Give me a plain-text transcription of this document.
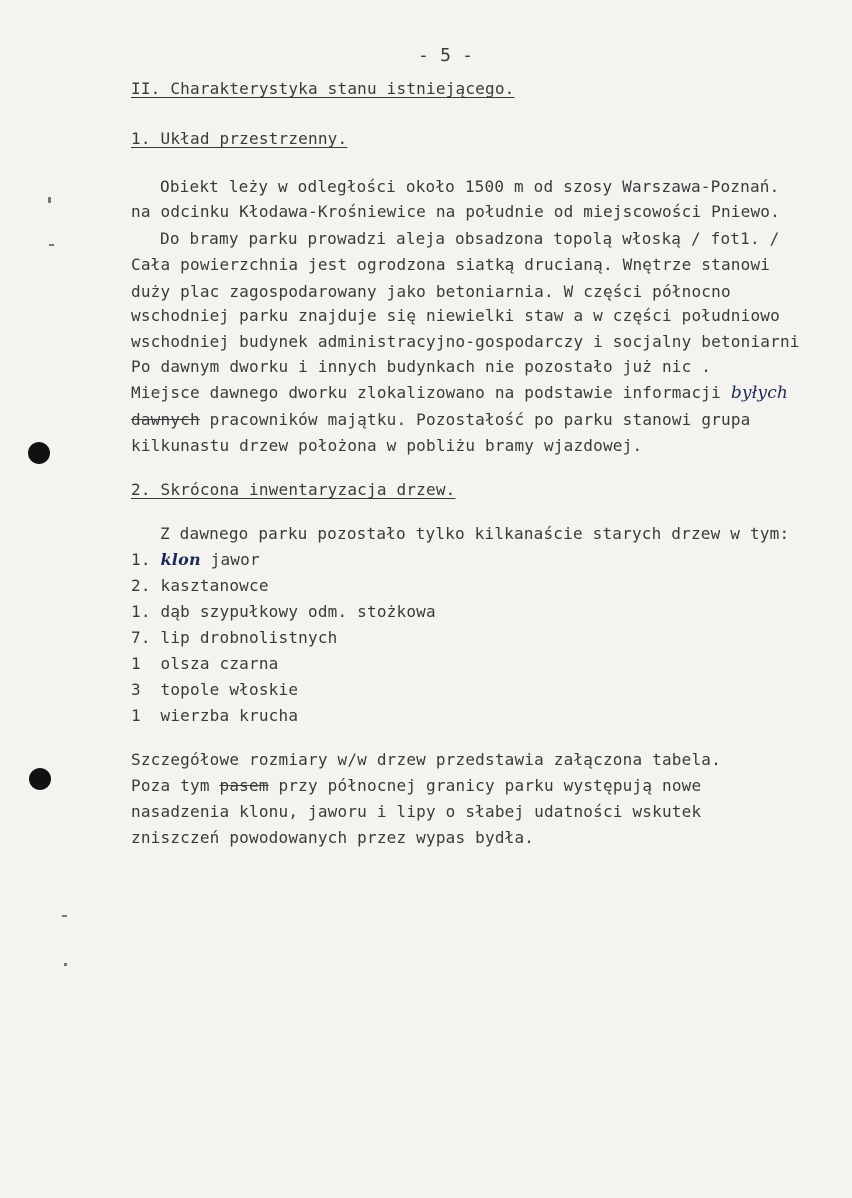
- 5 -
II. Charakterystyka stanu istniejącego.
1. Układ przestrzenny.
Obiekt leży w odległości około 1500 m od szosy Warszawa-Poznań.
na odcinku Kłodawa-Krośniewice na południe od miejscowości Pniewo.
Do bramy parku prowadzi aleja obsadzona topolą włoską / fot1. /
Cała powierzchnia jest ogrodzona siatką drucianą. Wnętrze stanowi
duży plac zagospodarowany jako betoniarnia. W części północno
wschodniej parku znajduje się niewielki staw a w części południowo
wschodniej budynek administracyjno-gospodarczy i socjalny betoniarni
Po dawnym dworku i innych budynkach nie pozostało już nic .
Miejsce dawnego dworku zlokalizowano na podstawie informacji byłych
dawnych pracowników majątku. Pozostałość po parku stanowi grupa
kilkunastu drzew położona w pobliżu bramy wjazdowej.
2. Skrócona inwentaryzacja drzew.
Z dawnego parku pozostało tylko kilkanaście starych drzew w tym:
1. klon jawor
2. kasztanowce
1. dąb szypułkowy odm. stożkowa
7. lip drobnolistnych
1 olsza czarna
3 topole włoskie
1 wierzba krucha
Szczegółowe rozmiary w/w drzew przedstawia załączona tabela.
Poza tym pasem przy północnej granicy parku występują nowe
nasadzenia klonu, jaworu i lipy o słabej udatności wskutek
zniszczeń powodowanych przez wypas bydła.
